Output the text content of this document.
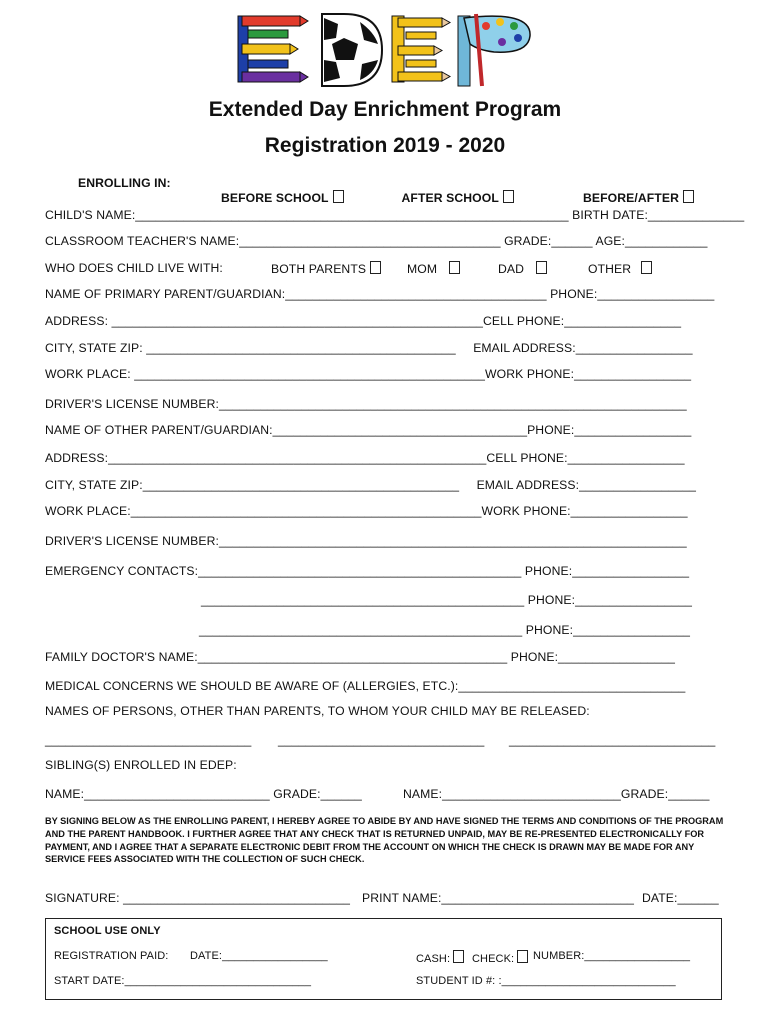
Extended Day Enrichment Program
Registration 2019 - 2020
ENROLLING IN:

BEFORE SCHOOL	AFTER SCHOOL	BEFORE/AFTER

CHILD'S NAME:_______________________________________________________________ BIRTH DATE:______________
CLASSROOM TEACHER'S NAME:______________________________________ GRADE:______ AGE:____________
WHO DOES CHILD LIVE WITH:	BOTH PARENTS	MOM	DAD	OTHER
NAME OF PRIMARY PARENT/GUARDIAN:______________________________________ PHONE:_________________
ADDRESS: ______________________________________________________CELL PHONE:_________________
CITY, STATE ZIP: _____________________________________________     EMAIL ADDRESS:_________________
WORK PLACE: ___________________________________________________WORK PHONE:_________________
DRIVER'S LICENSE NUMBER:____________________________________________________________________
NAME OF OTHER PARENT/GUARDIAN:_____________________________________PHONE:_________________
ADDRESS:_______________________________________________________CELL PHONE:_________________
CITY, STATE ZIP:______________________________________________     EMAIL ADDRESS:_________________
WORK PLACE:___________________________________________________WORK PHONE:_________________
DRIVER'S LICENSE NUMBER:____________________________________________________________________
EMERGENCY CONTACTS:_______________________________________________ PHONE:_________________
_______________________________________________ PHONE:_________________
_______________________________________________ PHONE:_________________
FAMILY DOCTOR'S NAME:_____________________________________________ PHONE:_________________
MEDICAL CONCERNS WE SHOULD BE AWARE OF (ALLERGIES, ETC.):_________________________________
NAMES OF PERSONS, OTHER THAN PARENTS, TO WHOM YOUR CHILD MAY BE RELEASED:
______________________________ ______________________________ ______________________________
SIBLING(S) ENROLLED IN EDEP:
NAME:___________________________ GRADE:______	NAME:__________________________GRADE:______
BY SIGNING BELOW AS THE ENROLLING PARENT, I HEREBY AGREE TO ABIDE BY AND HAVE SIGNED THE TERMS AND CONDITIONS OF THE PROGRAM AND THE PARENT HANDBOOK. I FURTHER AGREE THAT ANY CHECK THAT IS RETURNED UNPAID, MAY BE RE-PRESENTED ELECTRONICALLY FOR PAYMENT, AND I AGREE THAT A SEPARATE ELECTRONIC DEBIT FROM THE ACCOUNT ON WHICH THE CHECK IS DRAWN MAY BE MADE FOR ANY SERVICE FEES ASSOCIATED WITH THE COLLECTION OF SUCH CHECK.
SIGNATURE: _________________________________ PRINT NAME:____________________________ DATE:______
SCHOOL USE ONLY
REGISTRATION PAID: DATE:_________________	CASH:	CHECK:	NUMBER:_________________
START DATE:______________________________	STUDENT ID #: :____________________________
